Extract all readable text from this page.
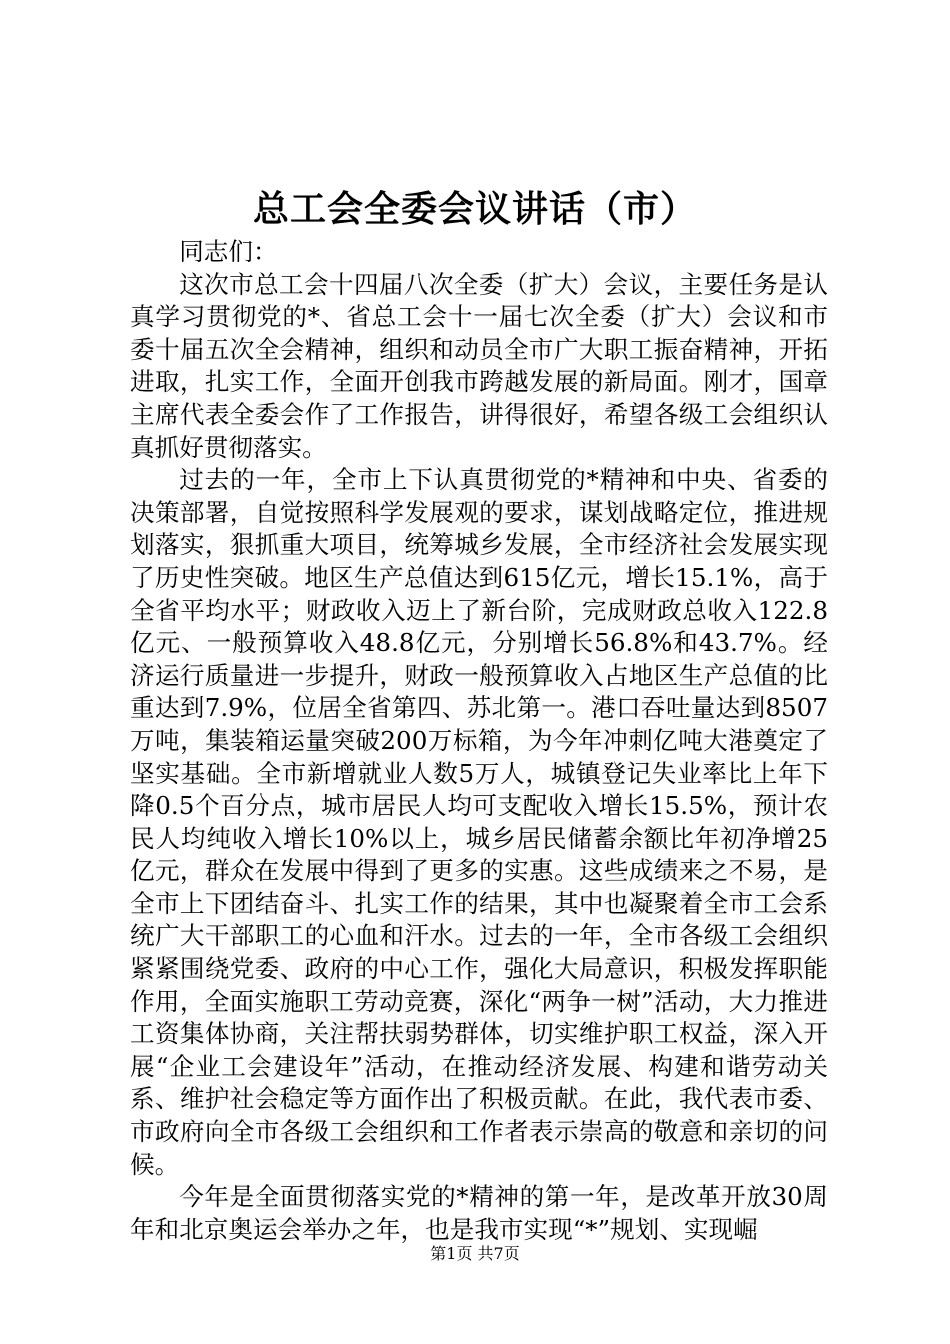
总工会全委会议讲话（市）

同志们：

这次市总工会十四届八次全委（扩大）会议，主要任务是认真学习贯彻党的*、省总工会十一届七次全委（扩大）会议和市委十届五次全会精神，组织和动员全市广大职工振奋精神，开拓进取，扎实工作，全面开创我市跨越发展的新局面。刚才，国章主席代表全委会作了工作报告，讲得很好，希望各级工会组织认真抓好贯彻落实。

过去的一年，全市上下认真贯彻党的*精神和中央、省委的决策部署，自觉按照科学发展观的要求，谋划战略定位，推进规划落实，狠抓重大项目，统筹城乡发展，全市经济社会发展实现了历史性突破。地区生产总值达到615亿元，增长15.1%，高于全省平均水平；财政收入迈上了新台阶，完成财政总收入122.8亿元、一般预算收入48.8亿元，分别增长56.8%和43.7%。经济运行质量进一步提升，财政一般预算收入占地区生产总值的比重达到7.9%，位居全省第四、苏北第一。港口吞吐量达到8507万吨，集装箱运量突破200万标箱，为今年冲刺亿吨大港奠定了坚实基础。全市新增就业人数5万人，城镇登记失业率比上年下降0.5个百分点，城市居民人均可支配收入增长15.5%，预计农民人均纯收入增长10%以上，城乡居民储蓄余额比年初净增25亿元，群众在发展中得到了更多的实惠。这些成绩来之不易，是全市上下团结奋斗、扎实工作的结果，其中也凝聚着全市工会系统广大干部职工的心血和汗水。过去的一年，全市各级工会组织紧紧围绕党委、政府的中心工作，强化大局意识，积极发挥职能作用，全面实施职工劳动竞赛，深化“两争一树”活动，大力推进工资集体协商，关注帮扶弱势群体，切实维护职工权益，深入开展“企业工会建设年”活动，在推动经济发展、构建和谐劳动关系、维护社会稳定等方面作出了积极贡献。在此，我代表市委、市政府向全市各级工会组织和工作者表示崇高的敬意和亲切的问候。

今年是全面贯彻落实党的*精神的第一年，是改革开放30周年和北京奥运会举办之年，也是我市实现“*”规划、实现崛

第1页 共7页
